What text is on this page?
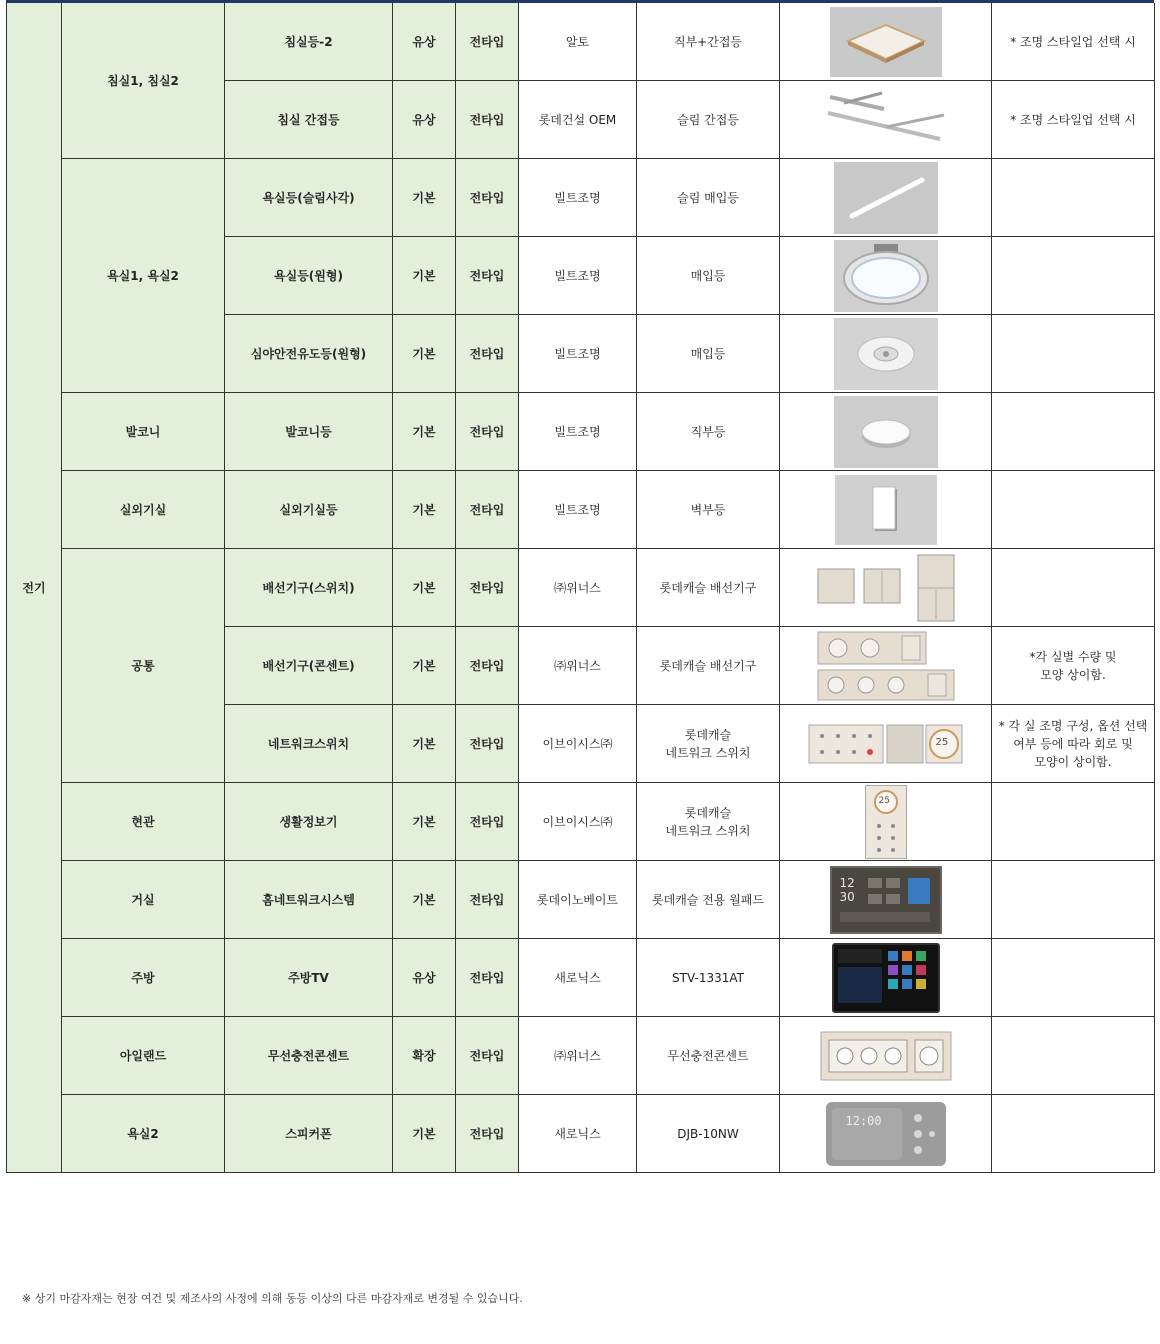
전기	침실1, 침실2	침실등-2	유상	전타입	알토	직부+간접등		* 조명 스타일업 선택 시
		침실 간접등	유상	전타입	롯데건설 OEM	슬림 간접등		* 조명 스타일업 선택 시
	욕실1, 욕실2	욕실등(슬림사각)	기본	전타입	빌트조명	슬림 매입등	

		욕실등(원형)	기본	전타입	빌트조명	매입등	

		심야안전유도등(원형)	기본	전타입	빌트조명	매입등	

	발코니	발코니등	기본	전타입	빌트조명	직부등	

	실외기실	실외기실등	기본	전타입	빌트조명	벽부등	

	공통	배선기구(스위치)	기본	전타입	㈜위너스	롯데캐슬 배선기구	

		배선기구(콘센트)	기본	전타입	㈜위너스	롯데캐슬 배선기구		*각 실별 수량 및
모양 상이함.
		네트워크스위치	기본	전타입	이브이시스㈜	롯데캐슬
네트워크 스위치	25	* 각 실 조명 구성, 옵션 선택
여부 등에 따라 회로 및
모양이 상이함.
	현관	생활정보기	기본	전타입	이브이시스㈜	롯데캐슬
네트워크 스위치	25	

	거실	홈네트워크시스템	기본	전타입	롯데이노베이트	롯데캐슬 전용 월패드	12
30	

	주방	주방TV	유상	전타입	새로닉스	STV-1331AT	

	아일랜드	무선충전콘센트	확장	전타입	㈜위너스	무선충전콘센트	

	욕실2	스피커폰	기본	전타입	새로닉스	DJB-10NW	12:00	

※ 상기 마감자재는 현장 여건 및 제조사의 사정에 의해 동등 이상의 다른 마감자재로 변경될 수 있습니다.
